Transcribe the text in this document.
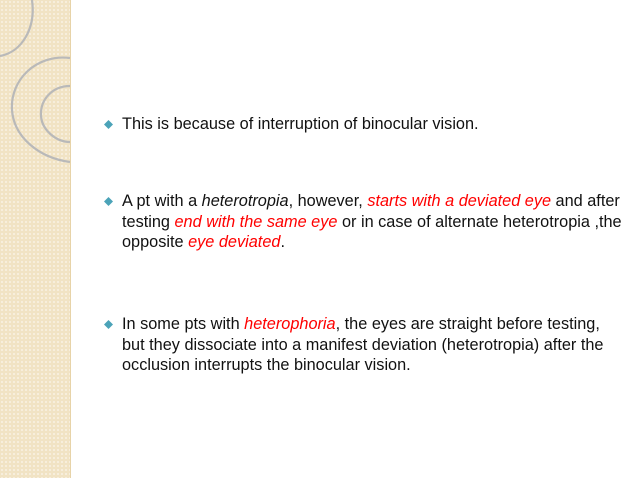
This is because of interruption of binocular vision.
A pt with a heterotropia, however, starts with a deviated eye and after testing end with the same eye or in case of alternate heterotropia ,the opposite eye deviated.
In some pts with heterophoria, the eyes are straight before testing, but they dissociate into a manifest deviation (heterotropia) after the occlusion interrupts the binocular vision.
